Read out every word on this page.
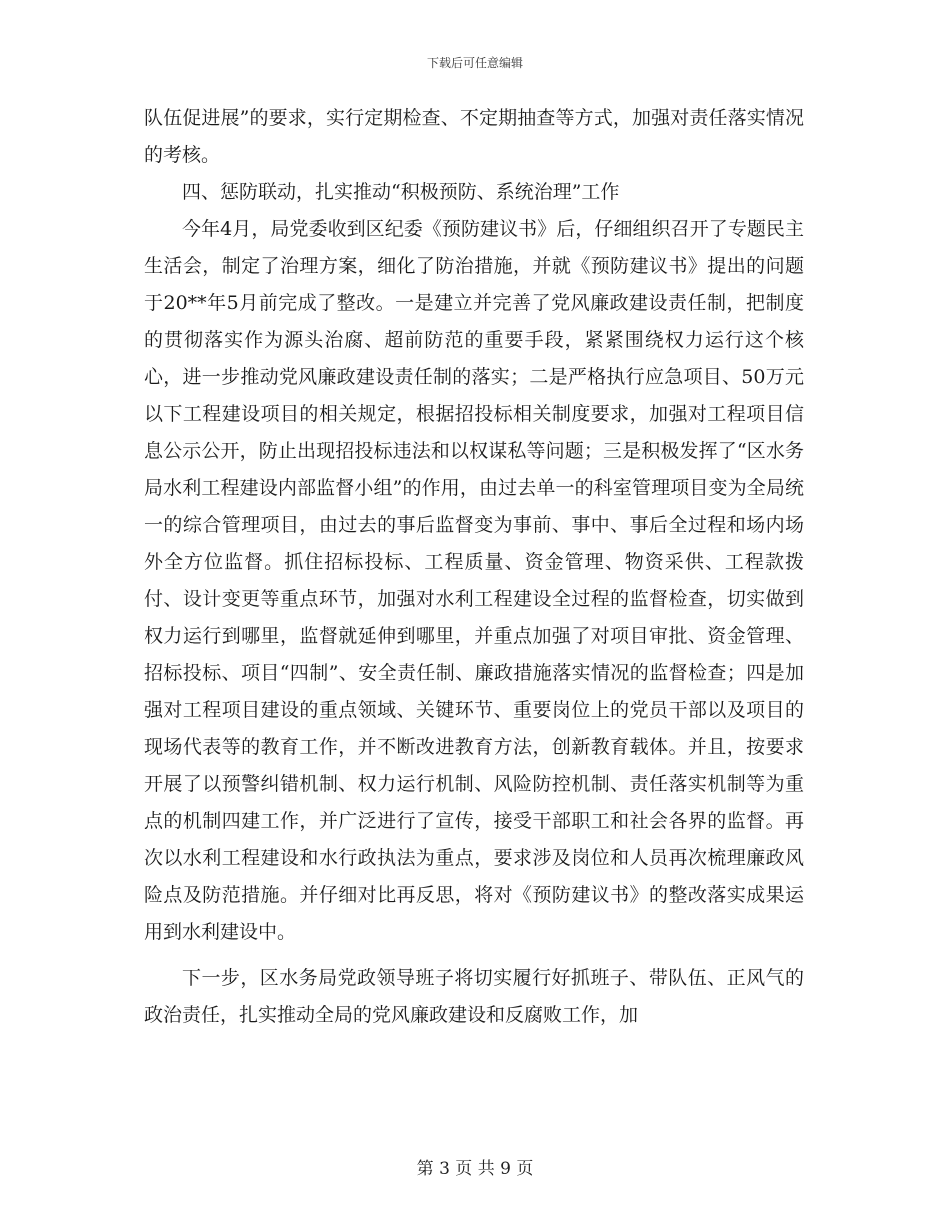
下载后可任意编辑

队伍促进展”的要求，实行定期检查、不定期抽查等方式，加强对责任落实情况的考核。

四、惩防联动，扎实推动“积极预防、系统治理”工作

今年4月，局党委收到区纪委《预防建议书》后，仔细组织召开了专题民主生活会，制定了治理方案，细化了防治措施，并就《预防建议书》提出的问题于20**年5月前完成了整改。一是建立并完善了党风廉政建设责任制，把制度的贯彻落实作为源头治腐、超前防范的重要手段，紧紧围绕权力运行这个核心，进一步推动党风廉政建设责任制的落实；二是严格执行应急项目、50万元以下工程建设项目的相关规定，根据招投标相关制度要求，加强对工程项目信息公示公开，防止出现招投标违法和以权谋私等问题；三是积极发挥了“区水务局水利工程建设内部监督小组”的作用，由过去单一的科室管理项目变为全局统一的综合管理项目，由过去的事后监督变为事前、事中、事后全过程和场内场外全方位监督。抓住招标投标、工程质量、资金管理、物资采供、工程款拨付、设计变更等重点环节，加强对水利工程建设全过程的监督检查，切实做到权力运行到哪里，监督就延伸到哪里，并重点加强了对项目审批、资金管理、招标投标、项目“四制”、安全责任制、廉政措施落实情况的监督检查；四是加强对工程项目建设的重点领域、关键环节、重要岗位上的党员干部以及项目的现场代表等的教育工作，并不断改进教育方法，创新教育载体。并且，按要求开展了以预警纠错机制、权力运行机制、风险防控机制、责任落实机制等为重点的机制四建工作，并广泛进行了宣传，接受干部职工和社会各界的监督。再次以水利工程建设和水行政执法为重点，要求涉及岗位和人员再次梳理廉政风险点及防范措施。并仔细对比再反思，将对《预防建议书》的整改落实成果运用到水利建设中。

下一步，区水务局党政领导班子将切实履行好抓班子、带队伍、正风气的政治责任，扎实推动全局的党风廉政建设和反腐败工作，加

第 3 页 共 9 页
